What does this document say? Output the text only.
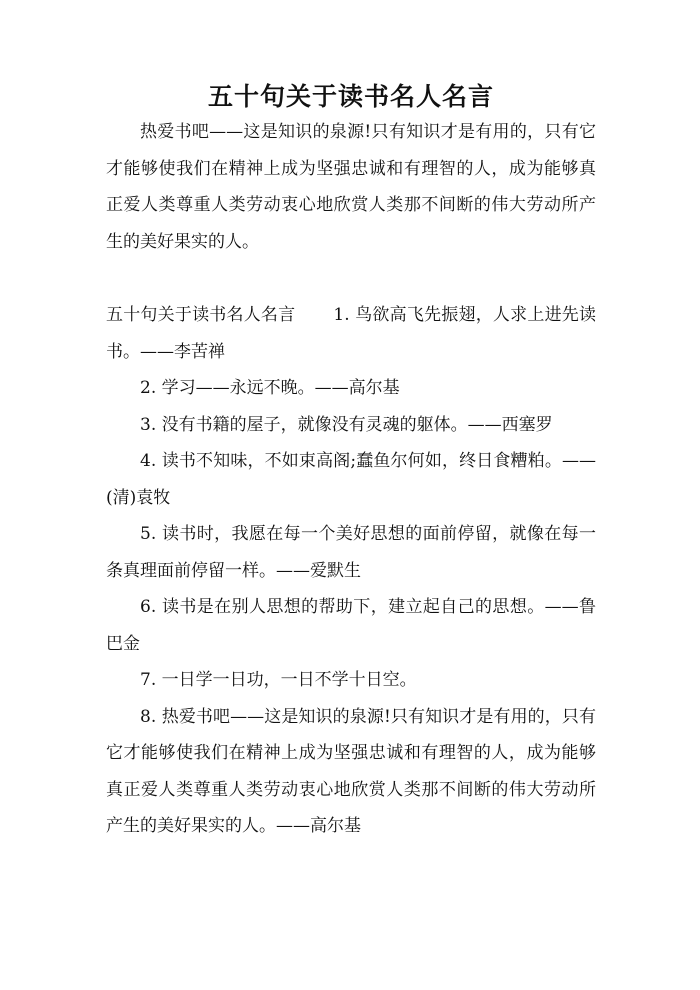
五十句关于读书名人名言

热爱书吧——这是知识的泉源!只有知识才是有用的，只有它才能够使我们在精神上成为坚强忠诚和有理智的人，成为能够真正爱人类尊重人类劳动衷心地欣赏人类那不间断的伟大劳动所产生的美好果实的人。

五十句关于读书名人名言 1. 鸟欲高飞先振翅，人求上进先读书。——李苦禅

2. 学习——永远不晚。——高尔基

3. 没有书籍的屋子，就像没有灵魂的躯体。——西塞罗

4. 读书不知味，不如束高阁;蠢鱼尔何如，终日食糟粕。——(清)袁牧

5. 读书时，我愿在每一个美好思想的面前停留，就像在每一条真理面前停留一样。——爱默生

6. 读书是在别人思想的帮助下，建立起自己的思想。——鲁巴金

7. 一日学一日功，一日不学十日空。

8. 热爱书吧——这是知识的泉源!只有知识才是有用的，只有它才能够使我们在精神上成为坚强忠诚和有理智的人，成为能够真正爱人类尊重人类劳动衷心地欣赏人类那不间断的伟大劳动所产生的美好果实的人。——高尔基
